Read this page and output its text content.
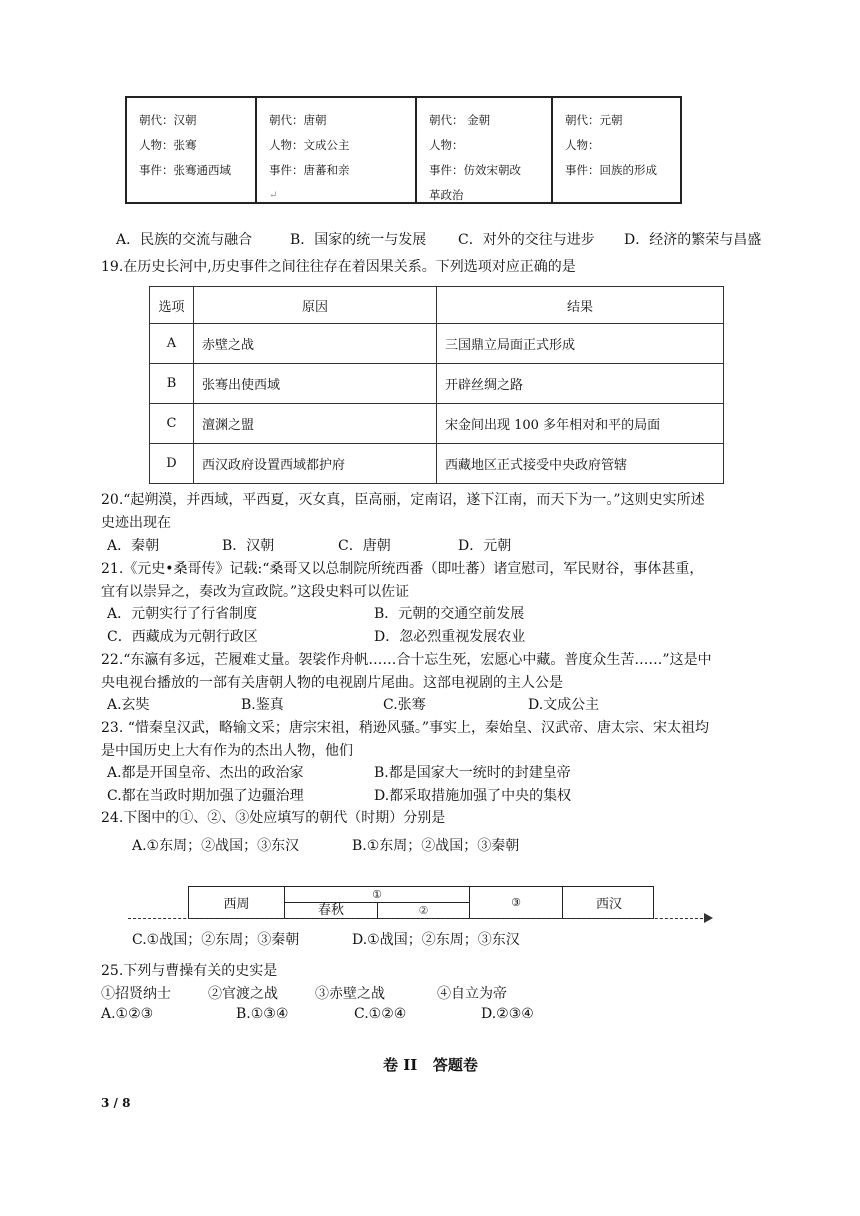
朝代：汉朝
人物：张骞
事件：张骞通西域
朝代：唐朝
人物：文成公主
事件：唐蕃和亲
↵
朝代： 金朝
人物：
事件：仿效宋朝改
革政治
朝代：元朝
人物：
事件：回族的形成
A．民族的交流与融合	B．国家的统一与发展 C．对外的交往与进步 D．经济的繁荣与昌盛
19.在历史长河中,历史事件之间往往存在着因果关系。下列选项对应正确的是
选项	原因	结果
A	赤壁之战	三国鼎立局面正式形成
B	张骞出使西域	开辟丝绸之路
C	澶渊之盟	宋金间出现 100 多年相对和平的局面
D	西汉政府设置西域都护府	西藏地区正式接受中央政府管辖
20.“起朔漠，并西域，平西夏，灭女真，臣高丽，定南诏，遂下江南，而天下为一。”这则史实所述
史迹出现在
A．秦朝	B．汉朝	C．唐朝	D．元朝
21.《元史•桑哥传》记载:“桑哥又以总制院所统西番（即吐蕃）诸宣慰司，军民财谷，事体甚重，
宜有以崇异之，奏改为宣政院。”这段史料可以佐证
A．元朝实行了行省制度	B．元朝的交通空前发展
C．西藏成为元朝行政区	D．忽必烈重视发展农业
22.“东瀛有多远，芒履难丈量。袈裟作舟帆……合十忘生死，宏愿心中藏。普度众生苦……”这是中
央电视台播放的一部有关唐朝人物的电视剧片尾曲。这部电视剧的主人公是
A.玄奘	B.鉴真	C.张骞	D.文成公主
23. “惜秦皇汉武，略输文采；唐宗宋祖，稍逊风骚。”事实上，秦始皇、汉武帝、唐太宗、宋太祖均
是中国历史上大有作为的杰出人物，他们
A.都是开国皇帝、杰出的政治家	B.都是国家大一统时的封建皇帝
C.都在当政时期加强了边疆治理	D.都采取措施加强了中央的集权
24.下图中的①、②、③处应填写的朝代（时期）分别是
A.①东周；②战国；③东汉	B.①东周；②战国；③秦朝
西周
①
春秋	②
③	西汉
C.①战国；②东周；③秦朝	D.①战国；②东周；③东汉
25.下列与曹操有关的史实是
①招贤纳士	②官渡之战	③赤壁之战	④自立为帝
A.①②③	B.①③④	C.①②④	D.②③④
卷 II   答题卷
3 / 8
